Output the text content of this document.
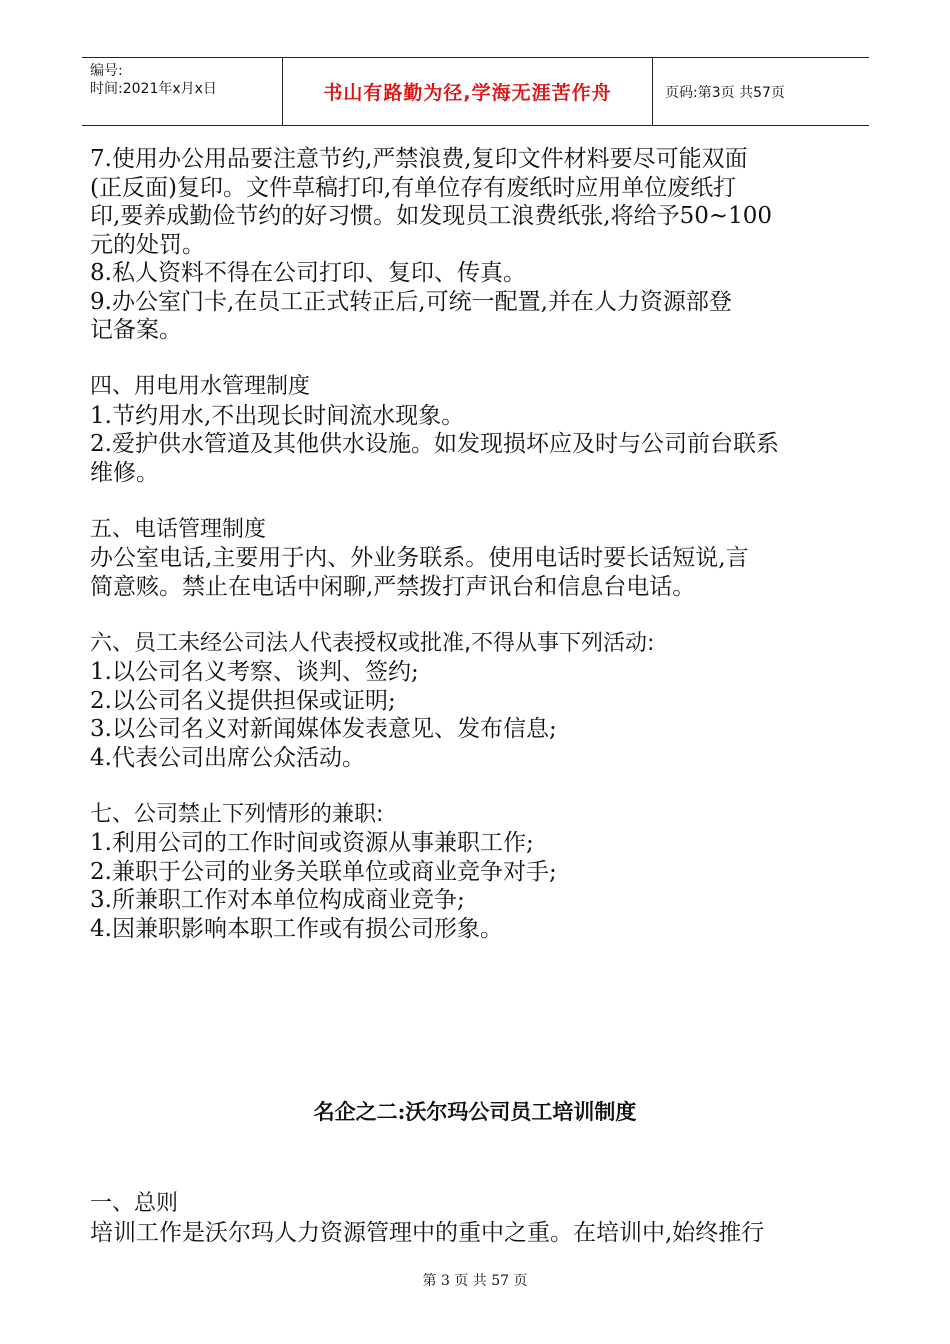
编号:
时间:2021年x月x日	书山有路勤为径,学海无涯苦作舟	页码:第3页 共57页
7.使用办公用品要注意节约,严禁浪费,复印文件材料要尽可能双面
(正反面)复印。文件草稿打印,有单位存有废纸时应用单位废纸打
印,要养成勤俭节约的好习惯。如发现员工浪费纸张,将给予50~100
元的处罚。
8.私人资料不得在公司打印、复印、传真。
9.办公室门卡,在员工正式转正后,可统一配置,并在人力资源部登
记备案。
四、用电用水管理制度
1.节约用水,不出现长时间流水现象。
2.爱护供水管道及其他供水设施。如发现损坏应及时与公司前台联系
维修。
五、电话管理制度
办公室电话,主要用于内、外业务联系。使用电话时要长话短说,言
简意赅。禁止在电话中闲聊,严禁拨打声讯台和信息台电话。
六、员工未经公司法人代表授权或批准,不得从事下列活动:
1.以公司名义考察、谈判、签约;
2.以公司名义提供担保或证明;
3.以公司名义对新闻媒体发表意见、发布信息;
4.代表公司出席公众活动。
七、公司禁止下列情形的兼职:
1.利用公司的工作时间或资源从事兼职工作;
2.兼职于公司的业务关联单位或商业竞争对手;
3.所兼职工作对本单位构成商业竞争;
4.因兼职影响本职工作或有损公司形象。
名企之二:沃尔玛公司员工培训制度
一、总则
培训工作是沃尔玛人力资源管理中的重中之重。在培训中,始终推行
第 3 页 共 57 页
